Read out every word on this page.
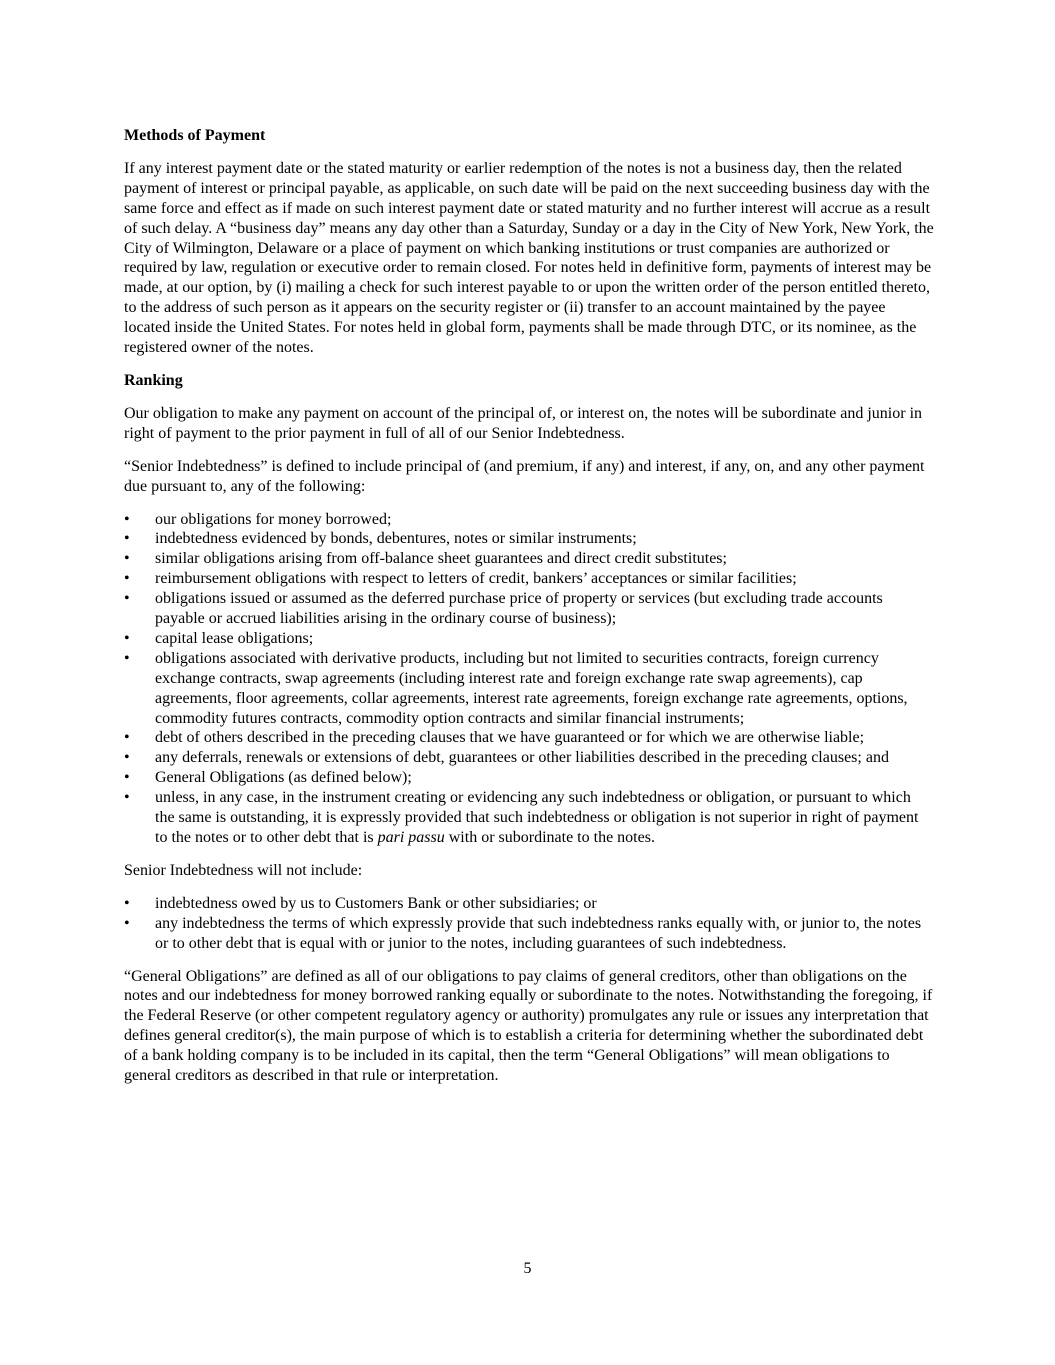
Methods of Payment

If any interest payment date or the stated maturity or earlier redemption of the notes is not a business day, then the related payment of interest or principal payable, as applicable, on such date will be paid on the next succeeding business day with the same force and effect as if made on such interest payment date or stated maturity and no further interest will accrue as a result of such delay. A “business day” means any day other than a Saturday, Sunday or a day in the City of New York, New York, the City of Wilmington, Delaware or a place of payment on which banking institutions or trust companies are authorized or required by law, regulation or executive order to remain closed. For notes held in definitive form, payments of interest may be made, at our option, by (i) mailing a check for such interest payable to or upon the written order of the person entitled thereto, to the address of such person as it appears on the security register or (ii) transfer to an account maintained by the payee located inside the United States. For notes held in global form, payments shall be made through DTC, or its nominee, as the registered owner of the notes.

Ranking

Our obligation to make any payment on account of the principal of, or interest on, the notes will be subordinate and junior in right of payment to the prior payment in full of all of our Senior Indebtedness.

“Senior Indebtedness” is defined to include principal of (and premium, if any) and interest, if any, on, and any other payment due pursuant to, any of the following:

• our obligations for money borrowed;
• indebtedness evidenced by bonds, debentures, notes or similar instruments;
• similar obligations arising from off-balance sheet guarantees and direct credit substitutes;
• reimbursement obligations with respect to letters of credit, bankers’ acceptances or similar facilities;
• obligations issued or assumed as the deferred purchase price of property or services (but excluding trade accounts payable or accrued liabilities arising in the ordinary course of business);
• capital lease obligations;
• obligations associated with derivative products, including but not limited to securities contracts, foreign currency exchange contracts, swap agreements (including interest rate and foreign exchange rate swap agreements), cap agreements, floor agreements, collar agreements, interest rate agreements, foreign exchange rate agreements, options, commodity futures contracts, commodity option contracts and similar financial instruments;
• debt of others described in the preceding clauses that we have guaranteed or for which we are otherwise liable;
• any deferrals, renewals or extensions of debt, guarantees or other liabilities described in the preceding clauses; and
• General Obligations (as defined below);
• unless, in any case, in the instrument creating or evidencing any such indebtedness or obligation, or pursuant to which the same is outstanding, it is expressly provided that such indebtedness or obligation is not superior in right of payment to the notes or to other debt that is pari passu with or subordinate to the notes.

Senior Indebtedness will not include:

• indebtedness owed by us to Customers Bank or other subsidiaries; or
• any indebtedness the terms of which expressly provide that such indebtedness ranks equally with, or junior to, the notes or to other debt that is equal with or junior to the notes, including guarantees of such indebtedness.

“General Obligations” are defined as all of our obligations to pay claims of general creditors, other than obligations on the notes and our indebtedness for money borrowed ranking equally or subordinate to the notes. Notwithstanding the foregoing, if the Federal Reserve (or other competent regulatory agency or authority) promulgates any rule or issues any interpretation that defines general creditor(s), the main purpose of which is to establish a criteria for determining whether the subordinated debt of a bank holding company is to be included in its capital, then the term “General Obligations” will mean obligations to general creditors as described in that rule or interpretation.

5
